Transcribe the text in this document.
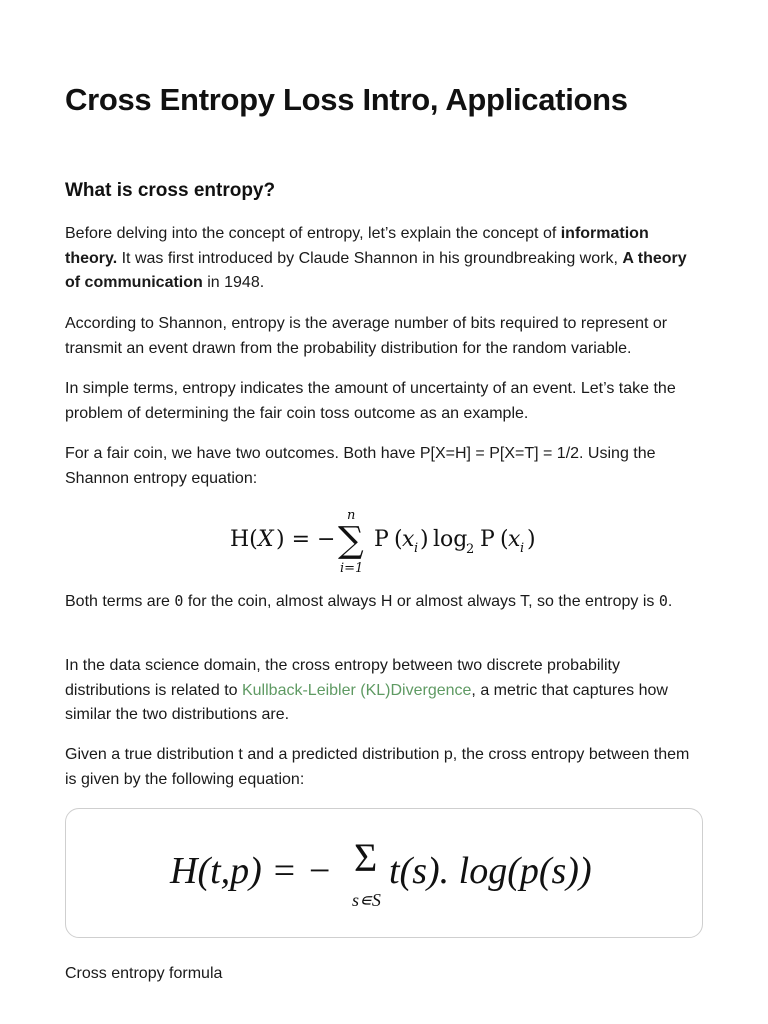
Cross Entropy Loss Intro, Applications
What is cross entropy?

Before delving into the concept of entropy, let’s explain the concept of information theory. It was first introduced by Claude Shannon in his groundbreaking work, A theory of communication in 1948.

According to Shannon, entropy is the average number of bits required to represent or transmit an event drawn from the probability distribution for the random variable.

In simple terms, entropy indicates the amount of uncertainty of an event. Let’s take the problem of determining the fair coin toss outcome as an example.

For a fair coin, we have two outcomes. Both have P[X=H] = P[X=T] = 1/2. Using the Shannon entropy equation:

H( X ) = −
n
∑
i=1
P ( x i ) log
2 P ( x i )

Both terms are 0 for the coin, almost always H or almost always T, so the entropy is 0.

In the data science domain, the cross entropy between two discrete probability distributions is related to Kullback-Leibler (KL)Divergence, a metric that captures how similar the two distributions are.

Given a true distribution t and a predicted distribution p, the cross entropy between them is given by the following equation:

H(t,p) = − Σ t(s). log(p(s))
s∊S

Cross entropy formula
